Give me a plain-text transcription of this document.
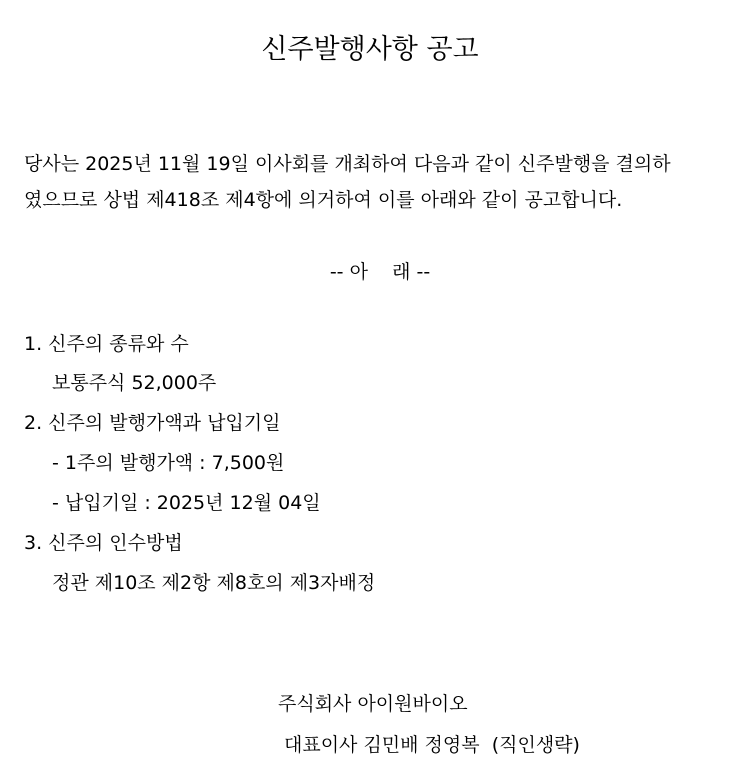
신주발행사항 공고
당사는 2025년 11월 19일 이사회를 개최하여 다음과 같이 신주발행을 결의하
였으므로 상법 제418조 제4항에 의거하여 이를 아래와 같이 공고합니다.
-- 아    래 --
1. 신주의 종류와 수
보통주식 52,000주
2. 신주의 발행가액과 납입기일
- 1주의 발행가액 : 7,500원
- 납입기일 : 2025년 12월 04일
3. 신주의 인수방법
정관 제10조 제2항 제8호의 제3자배정
주식회사 아이원바이오
대표이사 김민배 정영복  (직인생략)
